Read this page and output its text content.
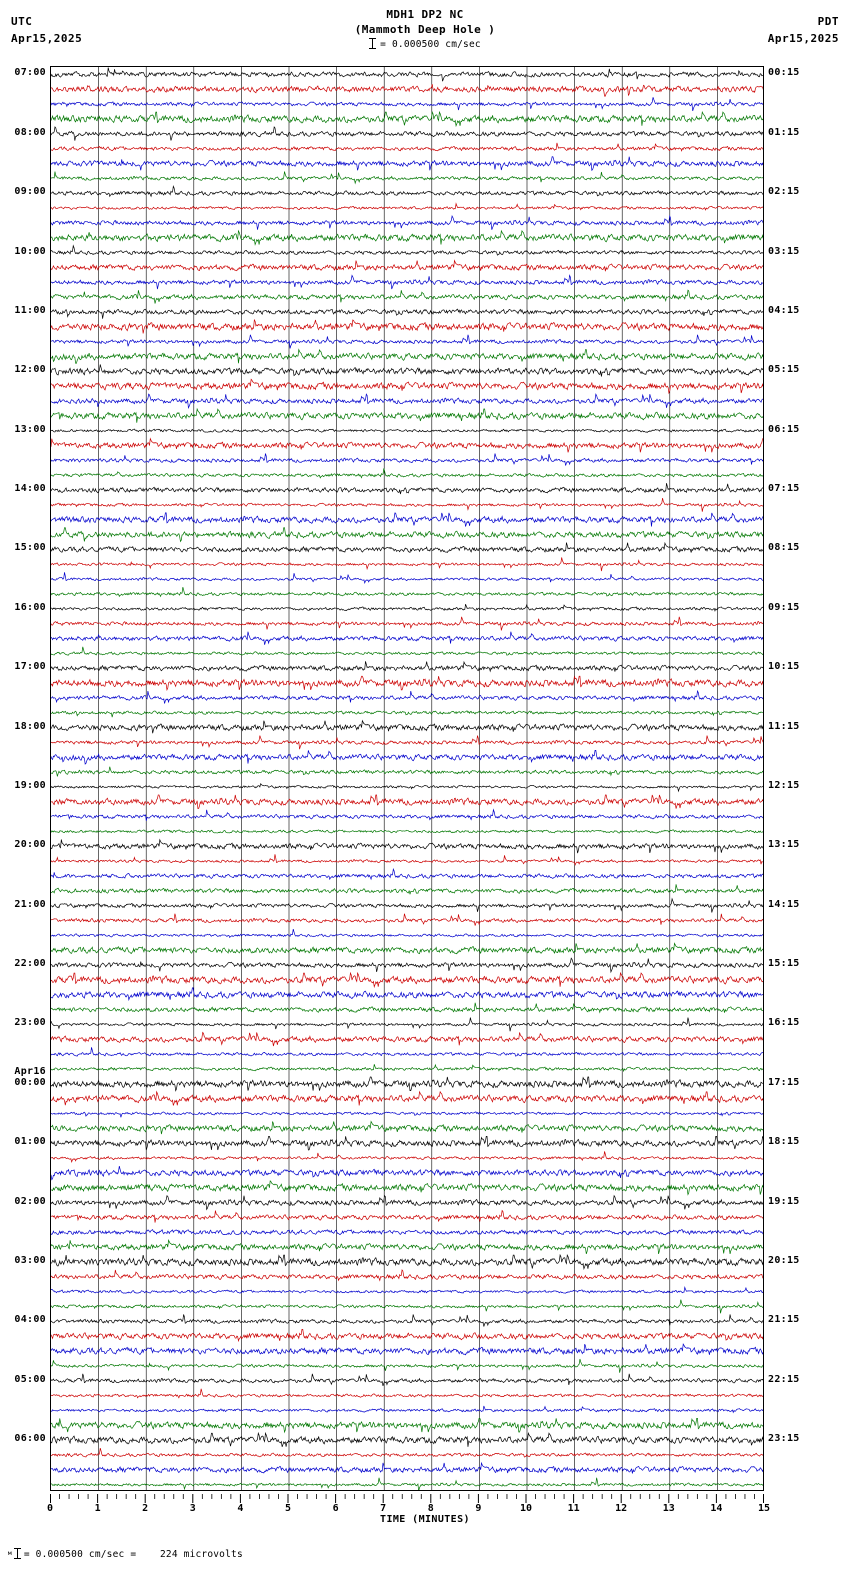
UTC
Apr15,2025
PDT
Apr15,2025
MDH1 DP2 NC
(Mammoth Deep Hole )
= 0.000500 cm/sec
0	1	2	3	4	5	6	7	8	9	10	11	12	13	14	15
TIME (MINUTES)
$^м$ = 0.000500 cm/sec = 224 microvolts
07:00	00:15
08:00	01:15
09:00	02:15
10:00	03:15
11:00	04:15
12:00	05:15
13:00	06:15
14:00	07:15
15:00	08:15
16:00	09:15
17:00	10:15
18:00	11:15
19:00	12:15
20:00	13:15
21:00	14:15
22:00	15:15
23:00	16:15
Apr16
00:00	17:15
01:00	18:15
02:00	19:15
03:00	20:15
04:00	21:15
05:00	22:15
06:00	23:15
